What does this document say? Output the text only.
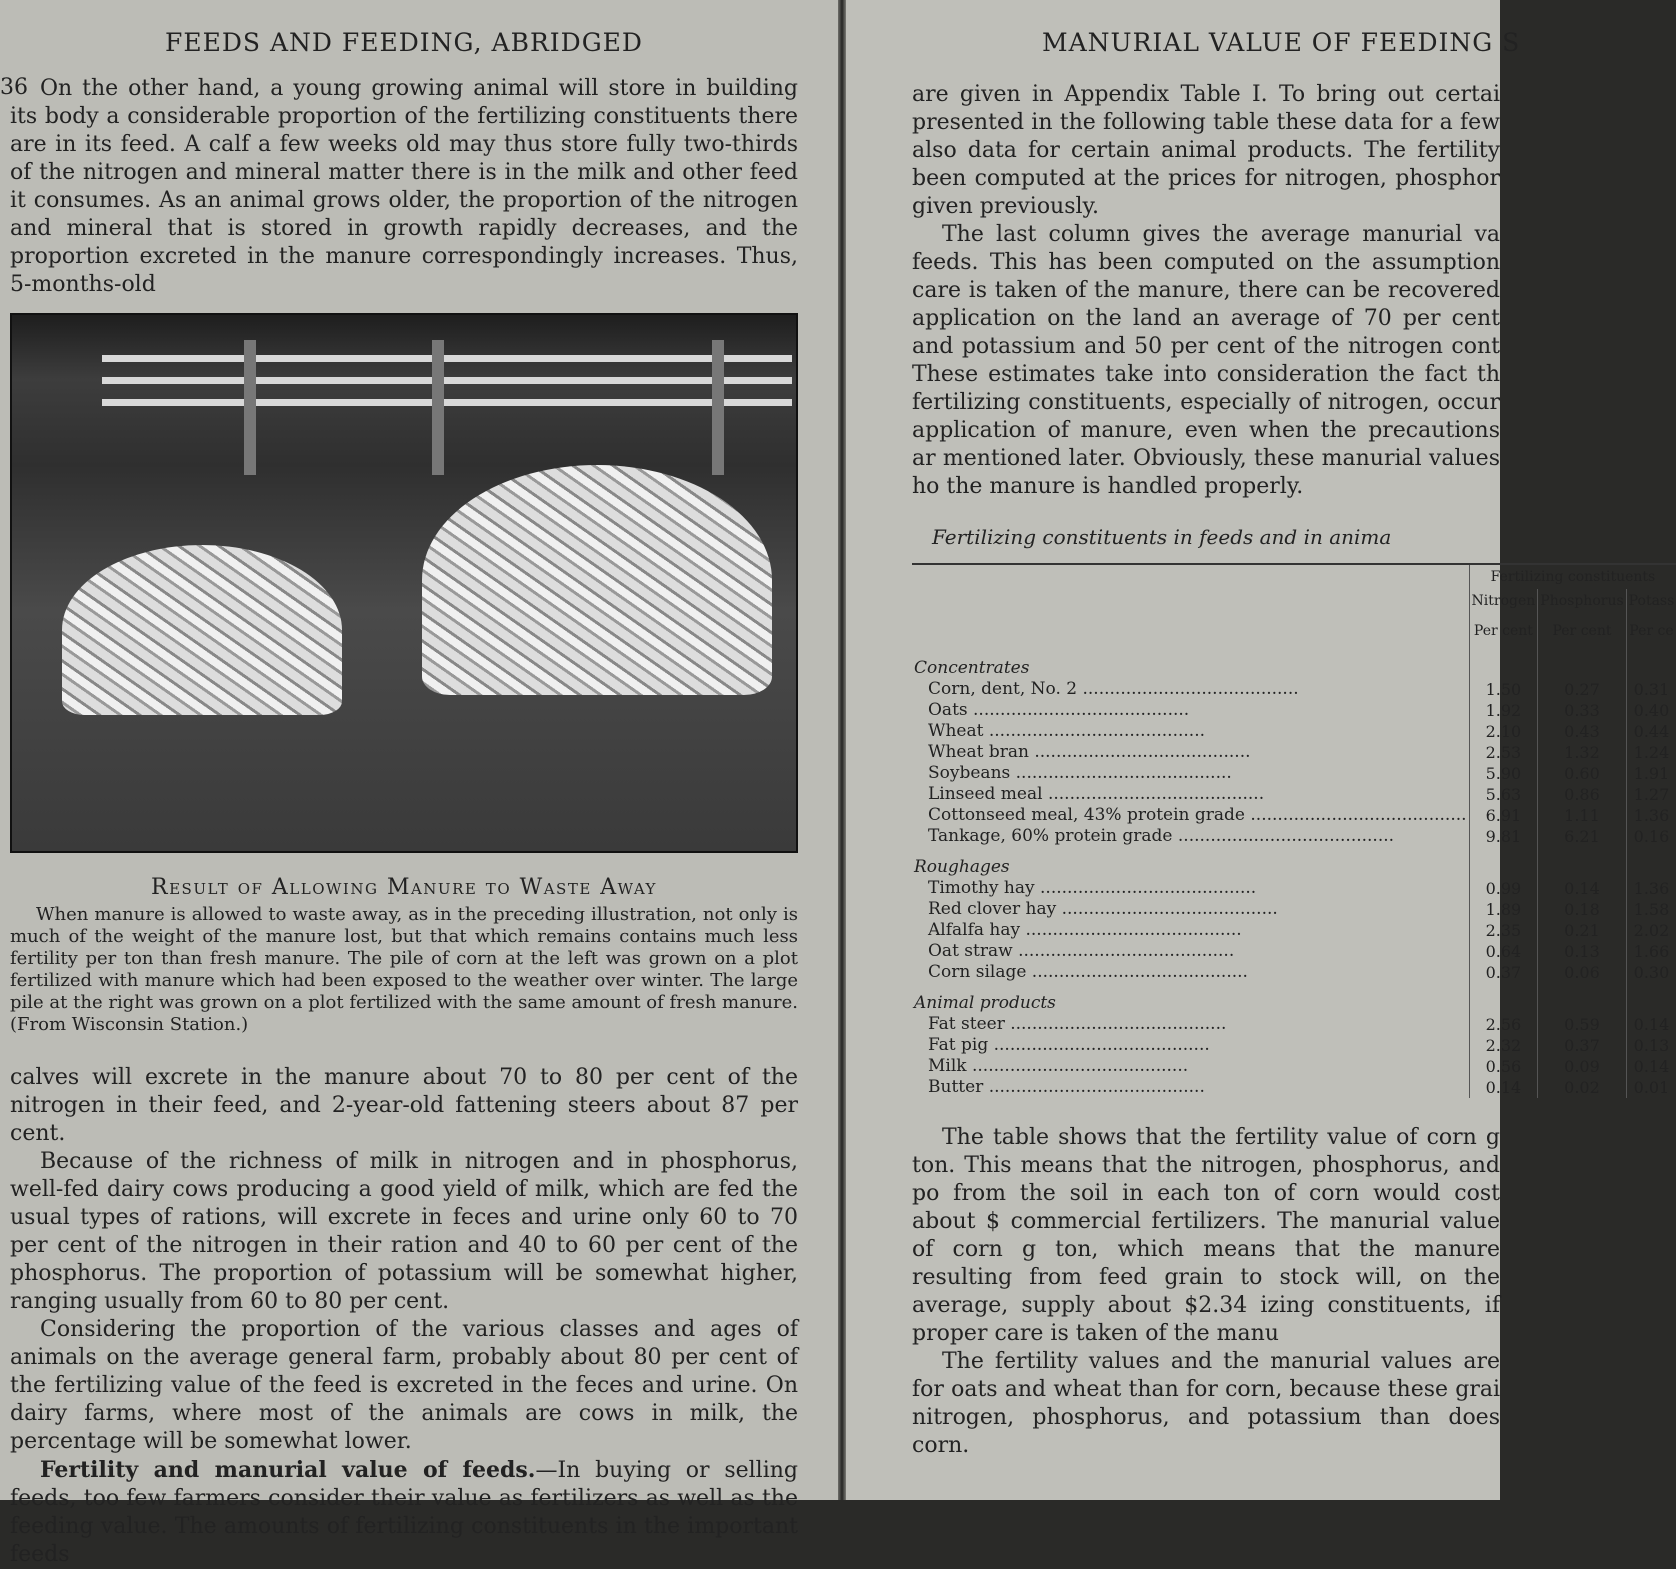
36
FEEDS AND FEEDING, ABRIDGED

On the other hand, a young growing animal will store in building its body a considerable proportion of the fertilizing constituents there are in its feed. A calf a few weeks old may thus store fully two-thirds of the nitrogen and mineral matter there is in the milk and other feed it consumes. As an animal grows older, the proportion of the nitrogen and mineral that is stored in growth rapidly decreases, and the proportion excreted in the manure correspondingly increases. Thus, 5-months-old

Result of Allowing Manure to Waste Away

When manure is allowed to waste away, as in the preceding illustration, not only is much of the weight of the manure lost, but that which remains contains much less fertility per ton than fresh manure. The pile of corn at the left was grown on a plot fertilized with manure which had been exposed to the weather over winter. The large pile at the right was grown on a plot fertilized with the same amount of fresh manure. (From Wisconsin Station.)

calves will excrete in the manure about 70 to 80 per cent of the nitrogen in their feed, and 2-year-old fattening steers about 87 per cent.

Because of the richness of milk in nitrogen and in phosphorus, well-fed dairy cows producing a good yield of milk, which are fed the usual types of rations, will excrete in feces and urine only 60 to 70 per cent of the nitrogen in their ration and 40 to 60 per cent of the phosphorus. The proportion of potassium will be somewhat higher, ranging usually from 60 to 80 per cent.

Considering the proportion of the various classes and ages of animals on the average general farm, probably about 80 per cent of the fertilizing value of the feed is excreted in the feces and urine. On dairy farms, where most of the animals are cows in milk, the percentage will be somewhat lower.

Fertility and manurial value of feeds.—In buying or selling feeds, too few farmers consider their value as fertilizers as well as the feeding value. The amounts of fertilizing constituents in the important feeds

MANURIAL VALUE OF FEEDING S

are given in Appendix Table I. To bring out certai presented in the following table these data for a few also data for certain animal products. The fertility been computed at the prices for nitrogen, phosphor given previously.

The last column gives the average manurial va feeds. This has been computed on the assumption care is taken of the manure, there can be recovered application on the land an average of 70 per cent and potassium and 50 per cent of the nitrogen cont These estimates take into consideration the fact th fertilizing constituents, especially of nitrogen, occur application of manure, even when the precautions ar mentioned later. Obviously, these manurial values ho the manure is handled properly.

Fertilizing constituents in feeds and in anima
	Fertilizing constituents		
	Nitrogen	Phosphorus	Potass
	Per cent	Per cent	Per ce
Concentrates			
Corn, dent, No. 2 ........................................	1.50	0.27	0.31
Oats ........................................	1.92	0.33	0.40
Wheat ........................................	2.10	0.43	0.44
Wheat bran ........................................	2.53	1.32	1.24
Soybeans ........................................	5.90	0.60	1.91
Linseed meal ........................................	5.63	0.86	1.27
Cottonseed meal, 43% protein grade ........................................	6.91	1.11	1.36
Tankage, 60% protein grade ........................................	9.81	6.21	0.16
Roughages			
Timothy hay ........................................	0.99	0.14	1.36
Red clover hay ........................................	1.89	0.18	1.58
Alfalfa hay ........................................	2.35	0.21	2.02
Oat straw ........................................	0.64	0.13	1.66
Corn silage ........................................	0.37	0.06	0.30
Animal products			
Fat steer ........................................	2.56	0.59	0.14
Fat pig ........................................	2.32	0.37	0.13
Milk ........................................	0.56	0.09	0.14
Butter ........................................	0.14	0.02	0.01

The table shows that the fertility value of corn g ton. This means that the nitrogen, phosphorus, and po from the soil in each ton of corn would cost about $ commercial fertilizers. The manurial value of corn g ton, which means that the manure resulting from feed grain to stock will, on the average, supply about $2.34 izing constituents, if proper care is taken of the manu

The fertility values and the manurial values are for oats and wheat than for corn, because these grai nitrogen, phosphorus, and potassium than does corn.
